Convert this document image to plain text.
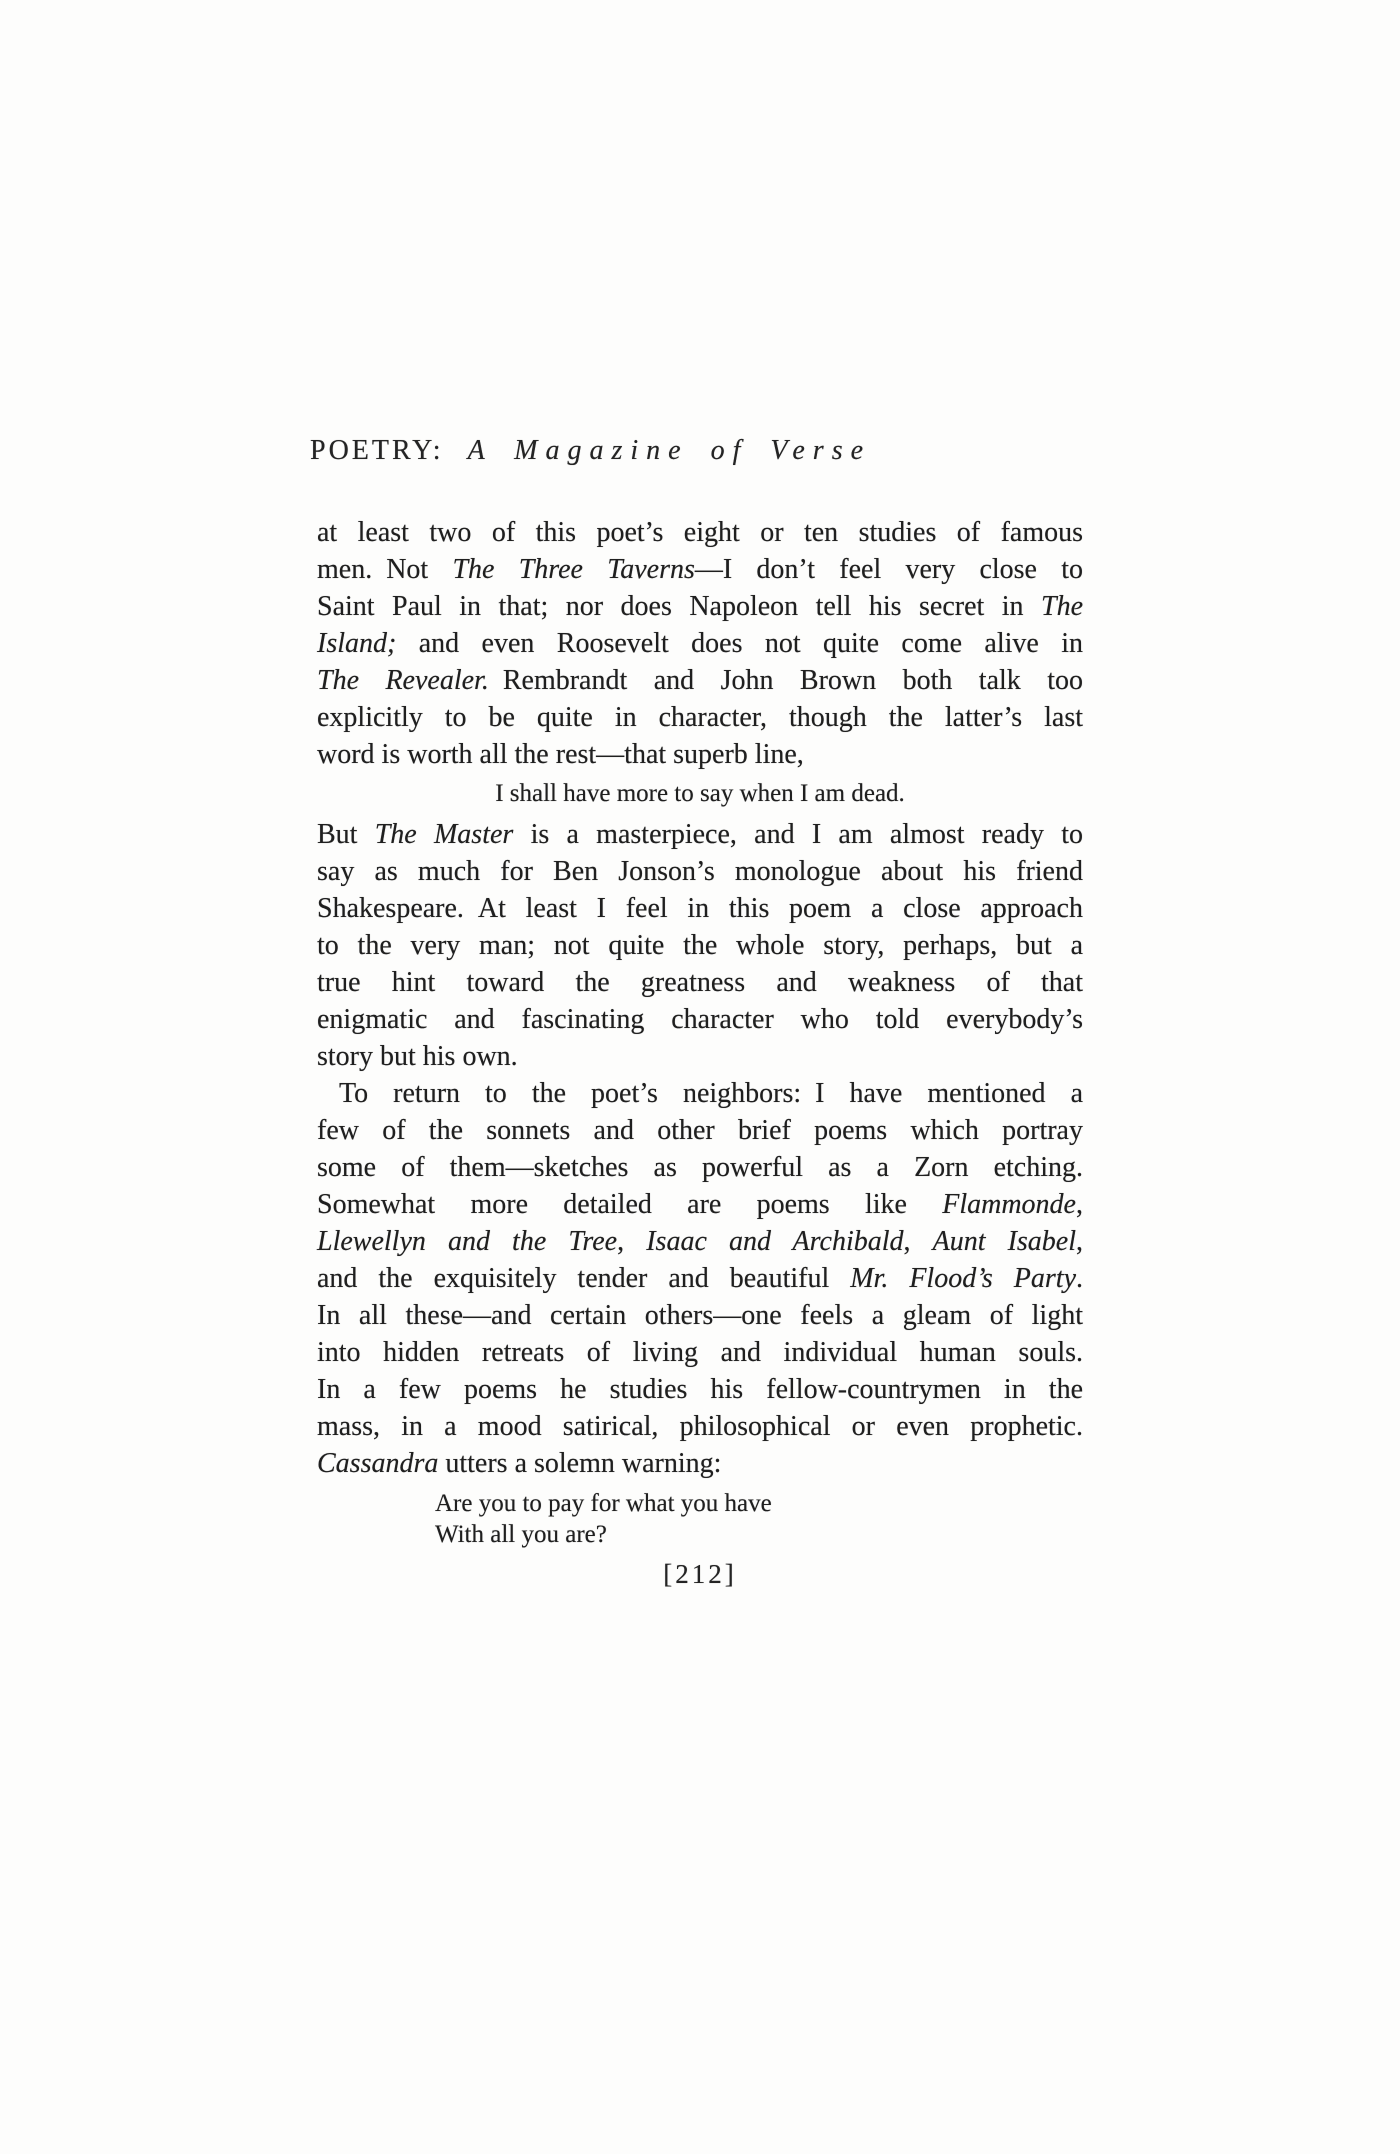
POETRY: A Magazine of Verse
at least two of this poet’s eight or ten studies of famous
men. Not The Three Taverns—I don’t feel very close to
Saint Paul in that; nor does Napoleon tell his secret in The
Island; and even Roosevelt does not quite come alive in
The Revealer. Rembrandt and John Brown both talk too
explicitly to be quite in character, though the latter’s last
word is worth all the rest—that superb line,
I shall have more to say when I am dead.
But The Master is a masterpiece, and I am almost ready to
say as much for Ben Jonson’s monologue about his friend
Shakespeare. At least I feel in this poem a close approach
to the very man; not quite the whole story, perhaps, but a
true hint toward the greatness and weakness of that
enigmatic and fascinating character who told everybody’s
story but his own.
To return to the poet’s neighbors: I have mentioned a
few of the sonnets and other brief poems which portray
some of them—sketches as powerful as a Zorn etching.
Somewhat more detailed are poems like Flammonde,
Llewellyn and the Tree, Isaac and Archibald, Aunt Isabel,
and the exquisitely tender and beautiful Mr. Flood’s Party.
In all these—and certain others—one feels a gleam of light
into hidden retreats of living and individual human souls.
In a few poems he studies his fellow-countrymen in the
mass, in a mood satirical, philosophical or even prophetic.
Cassandra utters a solemn warning:
Are you to pay for what you have
With all you are?
[212]
